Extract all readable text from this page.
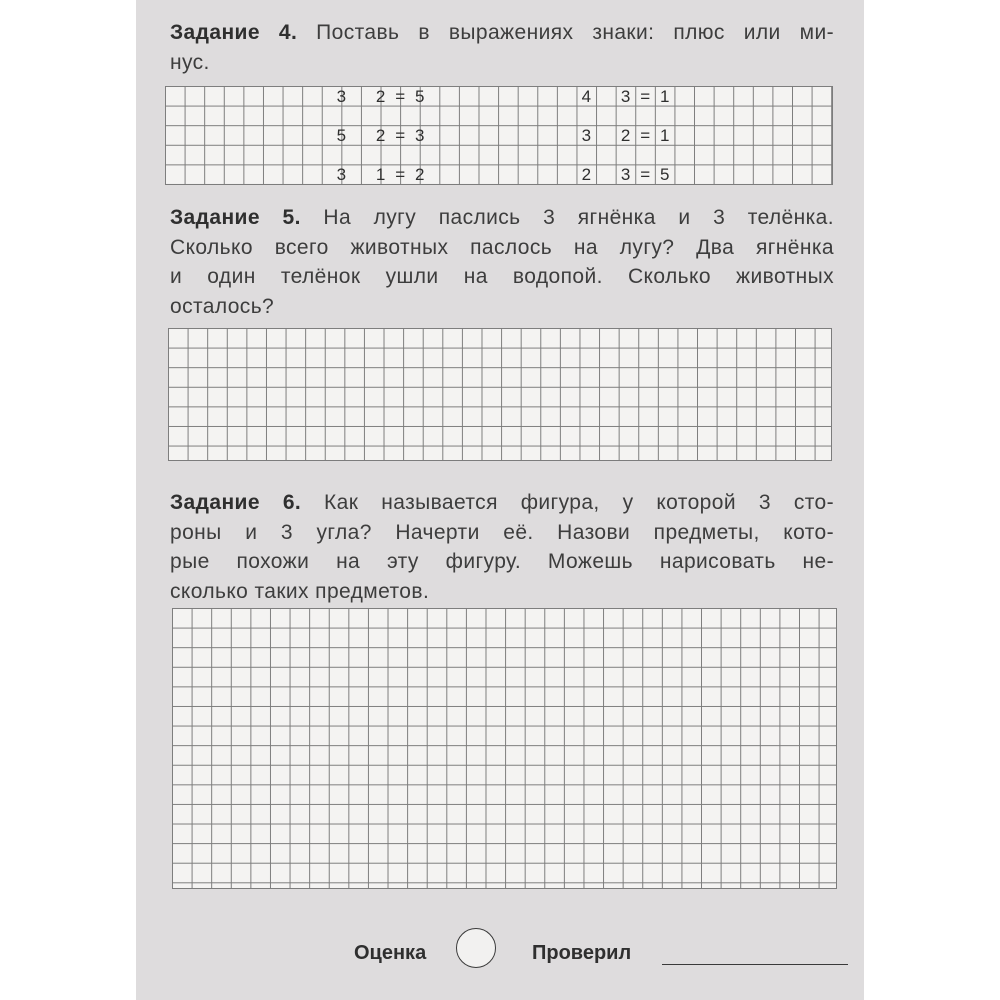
Задание 4. Поставь в выражениях знаки: плюс или ми-
нус.
3 2 = 5	4 3 = 1
5 2 = 3	3 2 = 1
3 1 = 2	2 3 = 5
Задание 5. На лугу паслись 3 ягнёнка и 3 телёнка.
Сколько всего животных паслось на лугу? Два ягнёнка
и один телёнок ушли на водопой. Сколько животных
осталось?
Задание 6. Как называется фигура, у которой 3 сто-
роны и 3 угла? Начерти её. Назови предметы, кото-
рые похожи на эту фигуру. Можешь нарисовать не-
сколько таких предметов.
Оценка	Проверил
